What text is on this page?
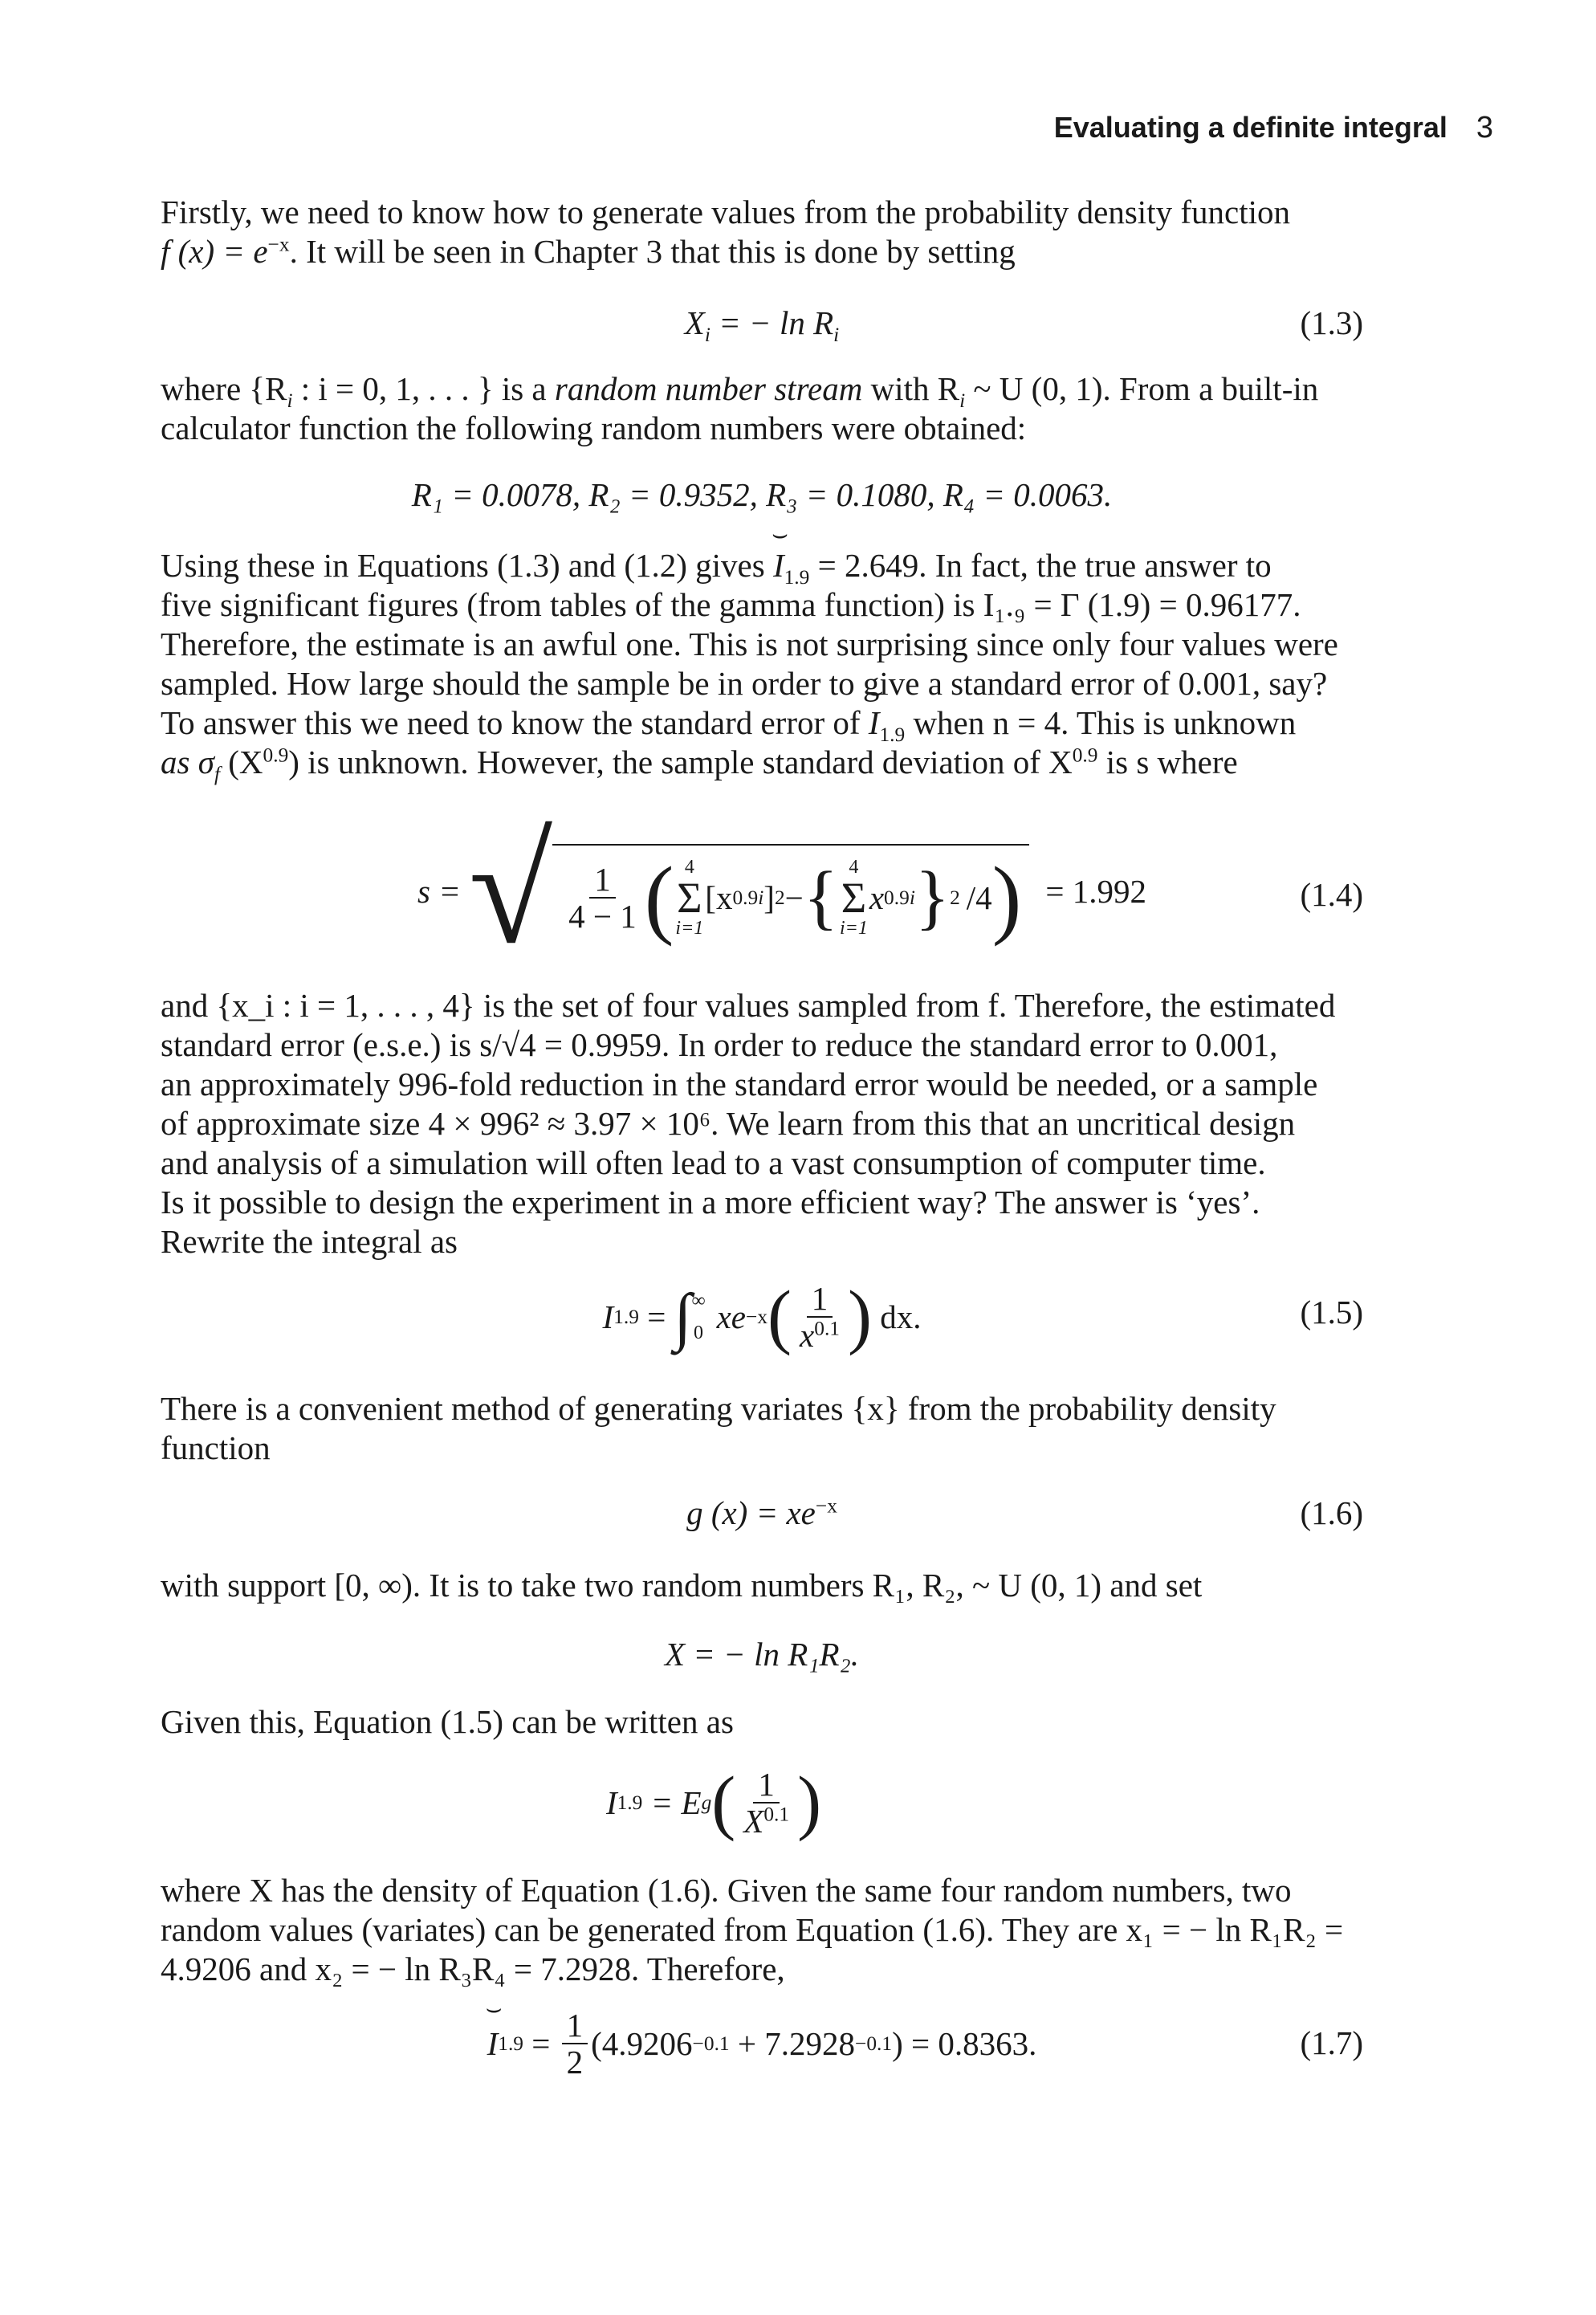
Evaluating a definite integral 3

Firstly, we need to know how to generate values from the probability density function

f $(x) = e^{-x}$. It will be seen in Chapter 3 that this is done by setting

$X_i$ = − $\ln R_i$	(1.3)

where {$R_i$ : i = 0, 1, . . . } is a random number stream with $R_i$ ~ U (0, 1). From a built-in

calculator function the following random numbers were obtained:

R₁ = 0.0078, R₂ = 0.9352, R₃ = 0.1080, R₄ = 0.0063.

Using these in Equations (1.3) and (1.2) gives ⌢ $I_{1.9} = 2.649$. In fact, the true answer to

five significant figures (from tables of the gamma function) is I₁.₉ = Γ (1.9) = 0.96177.

Therefore, the estimate is an awful one. This is not surprising since only four values were

sampled. How large should the sample be in order to give a standard error of 0.001, say?

To answer this we need to know the standard error of ⌢ $I_{1.9}$ when n = 4. This is unknown

as $\sigma_f$ $(X^{0.9})$ is unknown. However, the sample standard deviation of $X^{0.9}$ is s where

s = √ $\frac{1}{4 - 1}$ ( 4
Σ
i=1
[x 0.9 i ] 2 − { 4
Σ
i=1
x 0.9 i } 2 /4 ) = 1.992	(1.4)

and {x_i : i = 1, . . . , 4} is the set of four values sampled from f. Therefore, the estimated

standard error (e.s.e.) is s/√4 = 0.9959. In order to reduce the standard error to 0.001,

an approximately 996-fold reduction in the standard error would be needed, or a sample

of approximate size 4 × 996² ≈ 3.97 × 10⁶. We learn from this that an uncritical design

and analysis of a simulation will often lead to a vast consumption of computer time.

Is it possible to design the experiment in a more efficient way? The answer is ‘yes’.

Rewrite the integral as

I 1.9 = ∫ ∞
0 xe −x ( $\frac{1}{x^{0.1}}$ ) dx.	(1.5)

There is a convenient method of generating variates {x} from the probability density

function

g $(x) = xe^{-x}$	(1.6)

with support [0, ∞). It is to take two random numbers R₁, R₂, ~ U (0, 1) and set

X = − ln R₁R₂.

Given this, Equation (1.5) can be written as

I 1.9 = E g ( $\frac{1}{X^{0.1}}$ )

where X has the density of Equation (1.6). Given the same four random numbers, two

random values (variates) can be generated from Equation (1.6). They are x₁ = − ln R₁R₂ =

4.9206 and x₂ = − ln R₃R₄ = 7.2928. Therefore,

⌢ I $1.9 = \frac{1}{2} (4.9206 -0.1 + 7.2928 -0.1$ ) = 0.8363.	(1.7)
